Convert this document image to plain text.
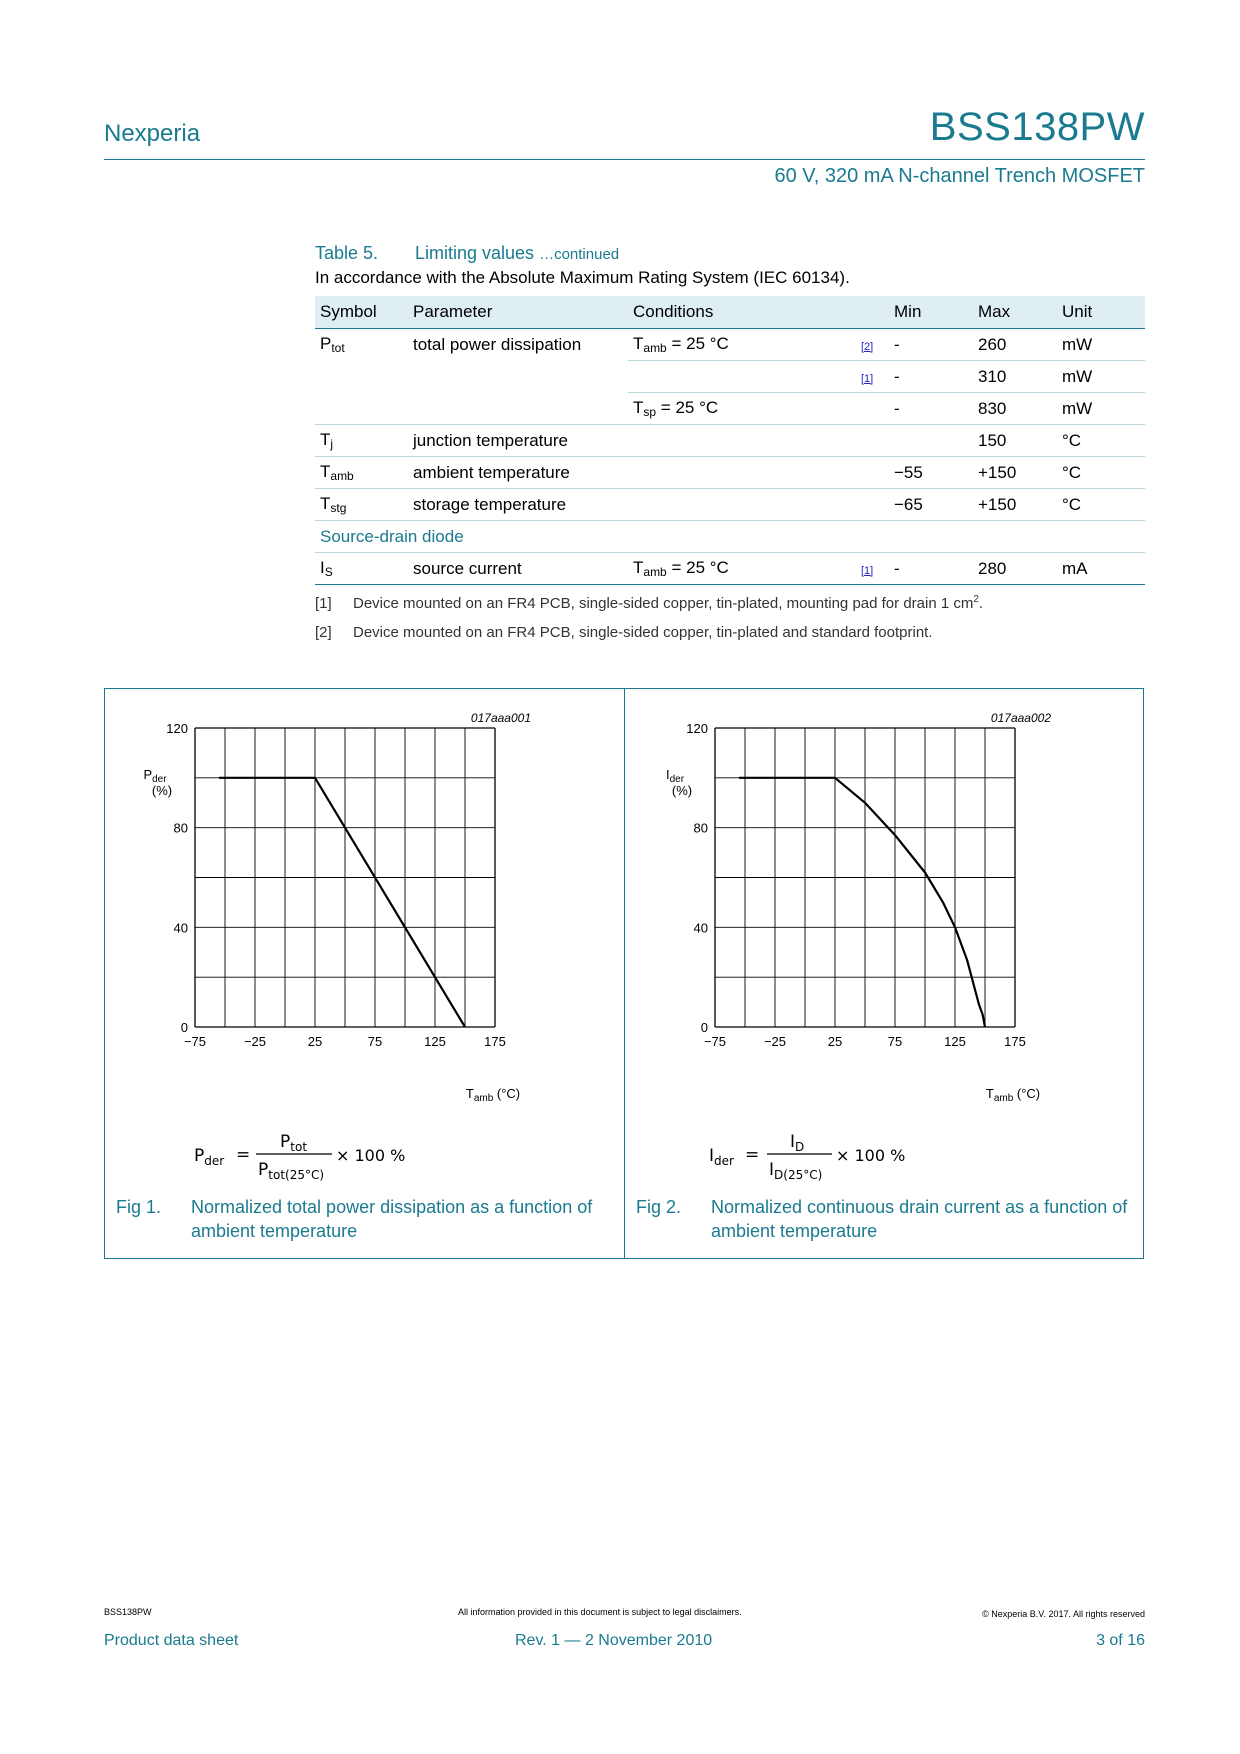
Nexperia	BSS138PW
60 V, 320 mA N-channel Trench MOSFET
Table 5. Limiting values …continued
In accordance with the Absolute Maximum Rating System (IEC 60134).
Symbol	Parameter	Conditions		Min	Max	Unit
$P_{tot}$	total power dissipation	$T_{amb} = 25$ °C	[2]	-	260	mW
			[1]	-	310	mW
		$T_{sp} = 25$ °C		-	830	mW
$T_j$	junction temperature				150	°C
$T_{amb}$	ambient temperature			−55	+150	°C
$T_{stg}$	storage temperature			−65	+150	°C
Source-drain diode						
$I_S$	source current	$T_{amb} = 25$ °C	[1]	-	280	mA
[1] Device mounted on an FR4 PCB, single-sided copper, tin-plated, mounting pad for drain 1 $cm^2$.
[2] Device mounted on an FR4 PCB, single-sided copper, tin-plated and standard footprint.
017aaa001
$P_{der}$
(%)
$T_{amb}$ (°C)
−75	−25	25	75	125	175
0
40
80
120
017aaa002
$I_{der}$
(%)
$T_{amb}$ (°C)
−75	−25	25	75	125	175
0
40
80
120
$P_{der}$ =
$P_{tot}$
$P_{tot(25^\circ C)}$
× 100 %	$I_{der}$ =
$I_D$
$I_{D(25^\circ C)}$
× 100 %
Fig 1. Normalized total power dissipation as a function of ambient temperature
Fig 2. Normalized continuous drain current as a function of ambient temperature
BSS138PW	All information provided in this document is subject to legal disclaimers.	© Nexperia B.V. 2017. All rights reserved
Product data sheet	Rev. 1 — 2 November 2010	3 of 16
